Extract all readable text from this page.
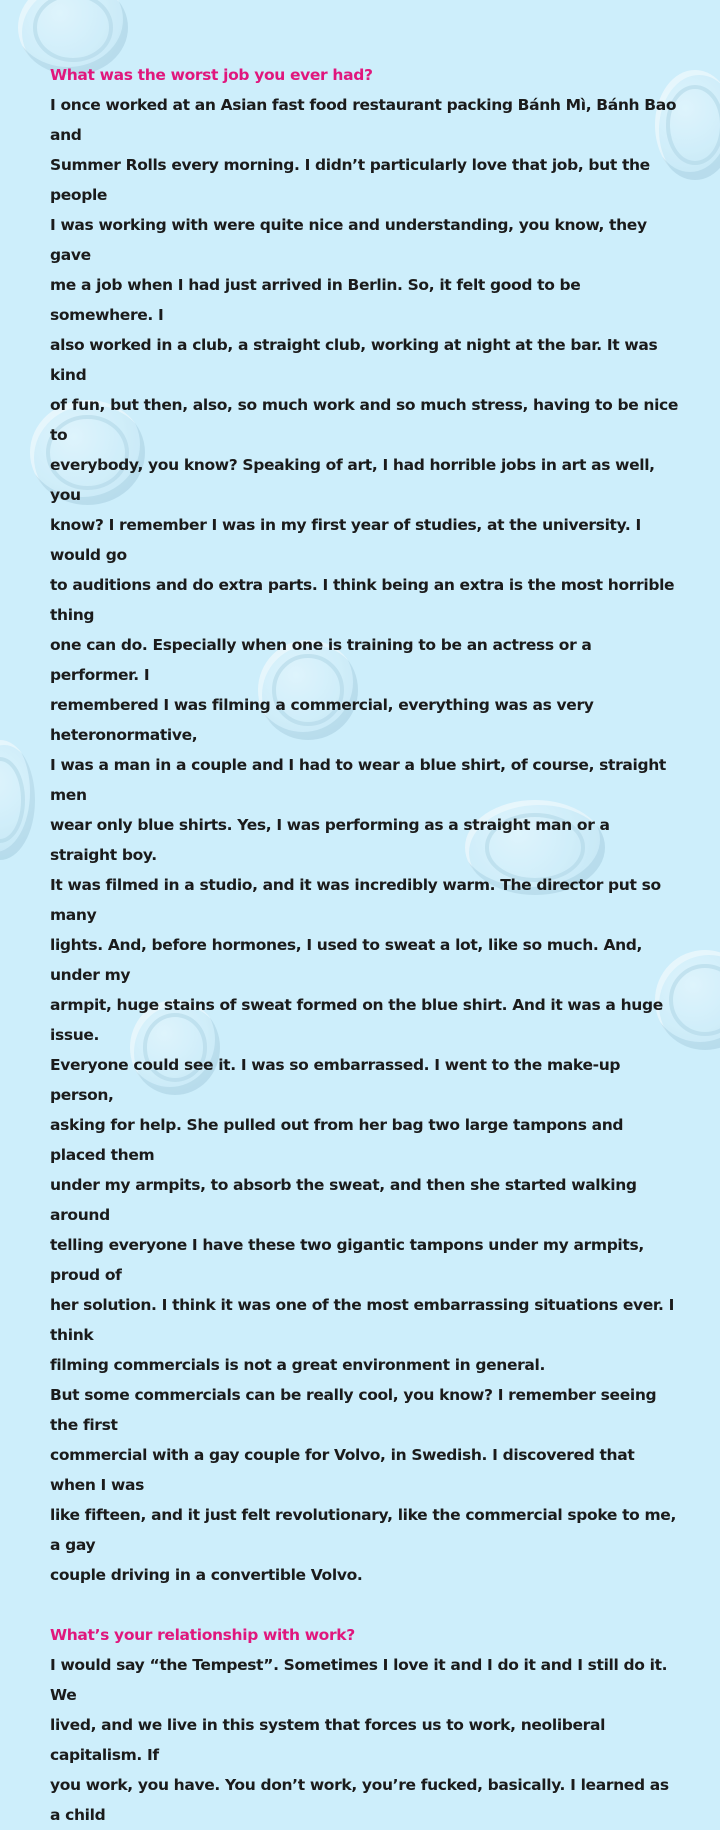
What was the worst job you ever had?
I once worked at an Asian fast food restaurant packing Bánh Mì, Bánh Bao and
Summer Rolls every morning. I didn’t particularly love that job, but the people
I was working with were quite nice and understanding, you know, they gave
me a job when I had just arrived in Berlin. So, it felt good to be somewhere. I
also worked in a club, a straight club, working at night at the bar. It was kind
of fun, but then, also, so much work and so much stress, having to be nice to
everybody, you know? Speaking of art, I had horrible jobs in art as well, you
know? I remember I was in my first year of studies, at the university. I would go
to auditions and do extra parts. I think being an extra is the most horrible thing
one can do. Especially when one is training to be an actress or a performer. I
remembered I was filming a commercial, everything was as very heteronormative,
I was a man in a couple and I had to wear a blue shirt, of course, straight men
wear only blue shirts. Yes, I was performing as a straight man or a straight boy.
It was filmed in a studio, and it was incredibly warm. The director put so many
lights. And, before hormones, I used to sweat a lot, like so much. And, under my
armpit, huge stains of sweat formed on the blue shirt. And it was a huge issue.
Everyone could see it. I was so embarrassed. I went to the make-up person,
asking for help. She pulled out from her bag two large tampons and placed them
under my armpits, to absorb the sweat, and then she started walking around
telling everyone I have these two gigantic tampons under my armpits, proud of
her solution. I think it was one of the most embarrassing situations ever. I think
filming commercials is not a great environment in general.
But some commercials can be really cool, you know? I remember seeing the first
commercial with a gay couple for Volvo, in Swedish. I discovered that when I was
like fifteen, and it just felt revolutionary, like the commercial spoke to me, a gay
couple driving in a convertible Volvo.
What’s your relationship with work?
I would say “the Tempest”. Sometimes I love it and I do it and I still do it. We
lived, and we live in this system that forces us to work, neoliberal capitalism. If
you work, you have. You don’t work, you’re fucked, basically. I learned as a child
